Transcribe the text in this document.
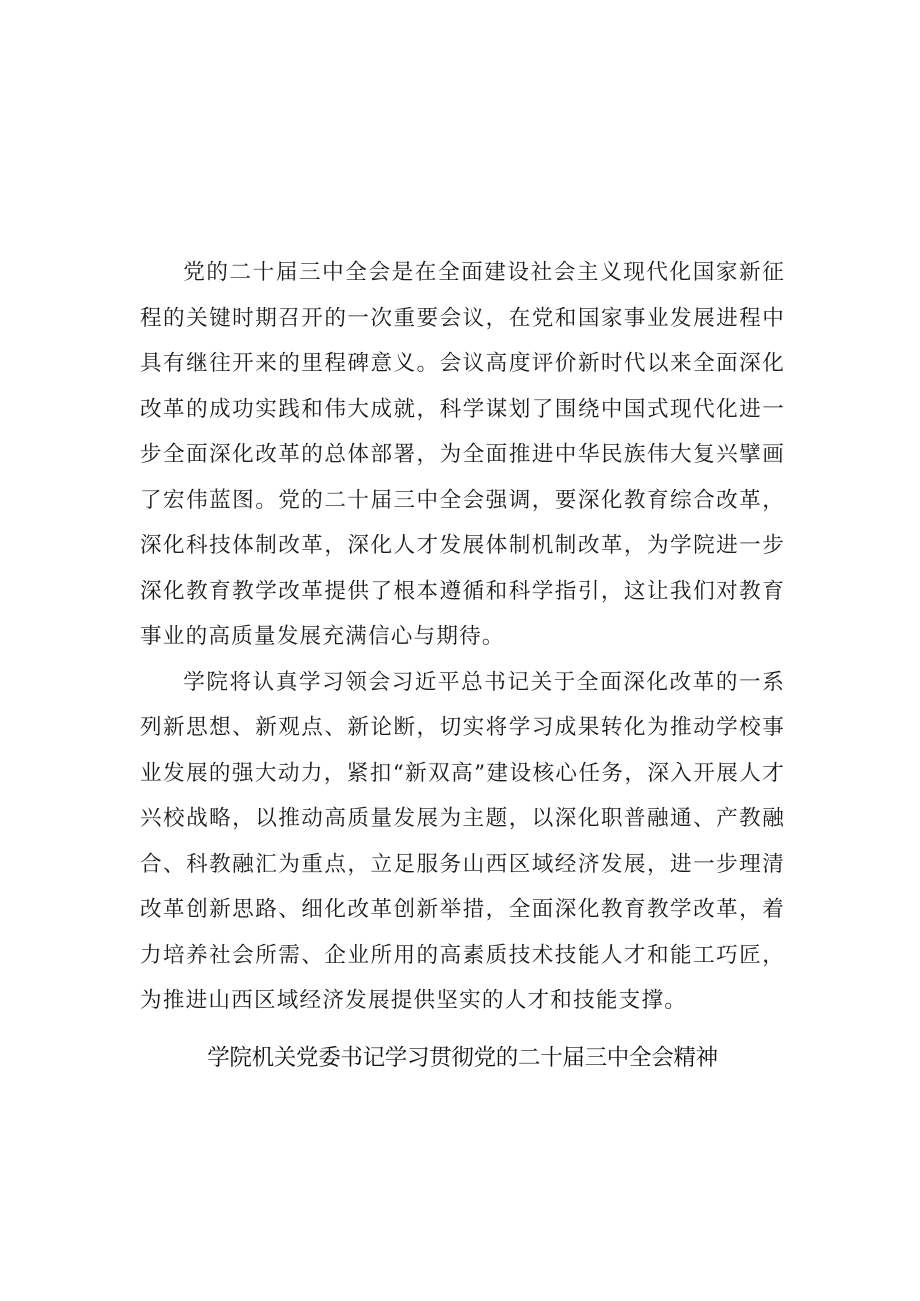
党的二十届三中全会是在全面建设社会主义现代化国家新征程的关键时期召开的一次重要会议，在党和国家事业发展进程中具有继往开来的里程碑意义。会议高度评价新时代以来全面深化改革的成功实践和伟大成就，科学谋划了围绕中国式现代化进一步全面深化改革的总体部署，为全面推进中华民族伟大复兴擘画了宏伟蓝图。党的二十届三中全会强调，要深化教育综合改革，深化科技体制改革，深化人才发展体制机制改革，为学院进一步深化教育教学改革提供了根本遵循和科学指引，这让我们对教育事业的高质量发展充满信心与期待。

学院将认真学习领会习近平总书记关于全面深化改革的一系列新思想、新观点、新论断，切实将学习成果转化为推动学校事业发展的强大动力，紧扣“新双高”建设核心任务，深入开展人才兴校战略，以推动高质量发展为主题，以深化职普融通、产教融合、科教融汇为重点，立足服务山西区域经济发展，进一步理清改革创新思路、细化改革创新举措，全面深化教育教学改革，着力培养社会所需、企业所用的高素质技术技能人才和能工巧匠，为推进山西区域经济发展提供坚实的人才和技能支撑。

学院机关党委书记学习贯彻党的二十届三中全会精神
